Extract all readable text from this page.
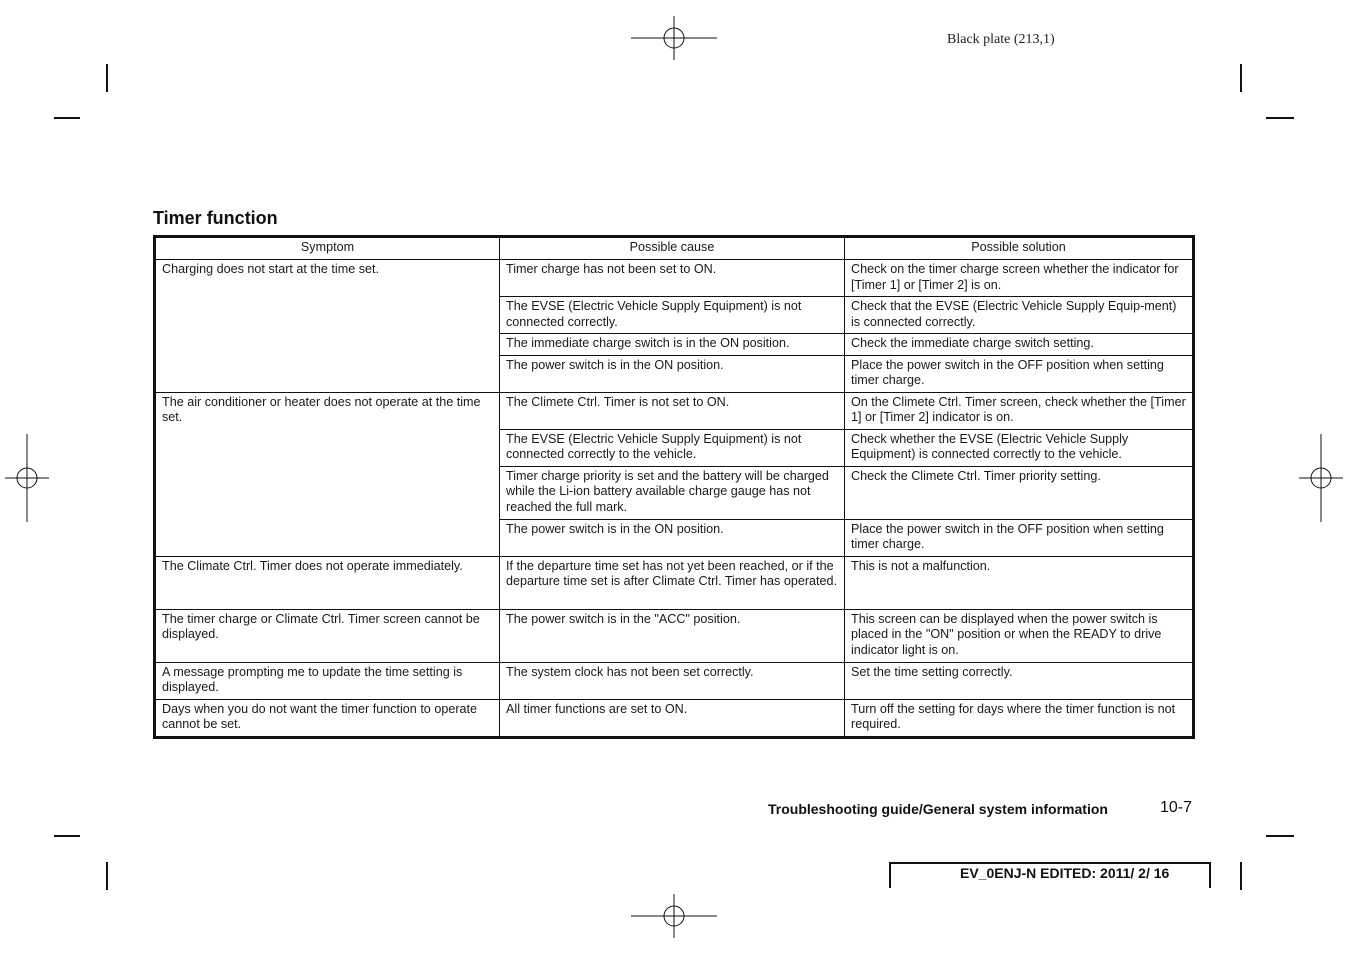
Black plate (213,1)
Timer function
Symptom	Possible cause	Possible solution
Charging does not start at the time set.	Timer charge has not been set to ON.	Check on the timer charge screen whether the indicator for [Timer 1] or [Timer 2] is on.
	The EVSE (Electric Vehicle Supply Equipment) is not connected correctly.	Check that the EVSE (Electric Vehicle Supply Equip-ment) is connected correctly.
	The immediate charge switch is in the ON position.	Check the immediate charge switch setting.
	The power switch is in the ON position.	Place the power switch in the OFF position when setting timer charge.
The air conditioner or heater does not operate at the time set.	The Climete Ctrl. Timer is not set to ON.	On the Climete Ctrl. Timer screen, check whether the [Timer 1] or [Timer 2] indicator is on.
	The EVSE (Electric Vehicle Supply Equipment) is not connected correctly to the vehicle.	Check whether the EVSE (Electric Vehicle Supply Equipment) is connected correctly to the vehicle.
	Timer charge priority is set and the battery will be charged while the Li-ion battery available charge gauge has not reached the full mark.	Check the Climete Ctrl. Timer priority setting.
	The power switch is in the ON position.	Place the power switch in the OFF position when setting timer charge.
The Climate Ctrl. Timer does not operate immediately.	If the departure time set has not yet been reached, or if the departure time set is after Climate Ctrl. Timer has operated.	This is not a malfunction.
The timer charge or Climate Ctrl. Timer screen cannot be displayed.	The power switch is in the "ACC" position.	This screen can be displayed when the power switch is placed in the "ON" position or when the READY to drive indicator light is on.
A message prompting me to update the time setting is displayed.	The system clock has not been set correctly.	Set the time setting correctly.
Days when you do not want the timer function to operate cannot be set.	All timer functions are set to ON.	Turn off the setting for days where the timer function is not required.
Troubleshooting guide/General system information	10-7
EV_0ENJ-N EDITED: 2011/ 2/ 16
